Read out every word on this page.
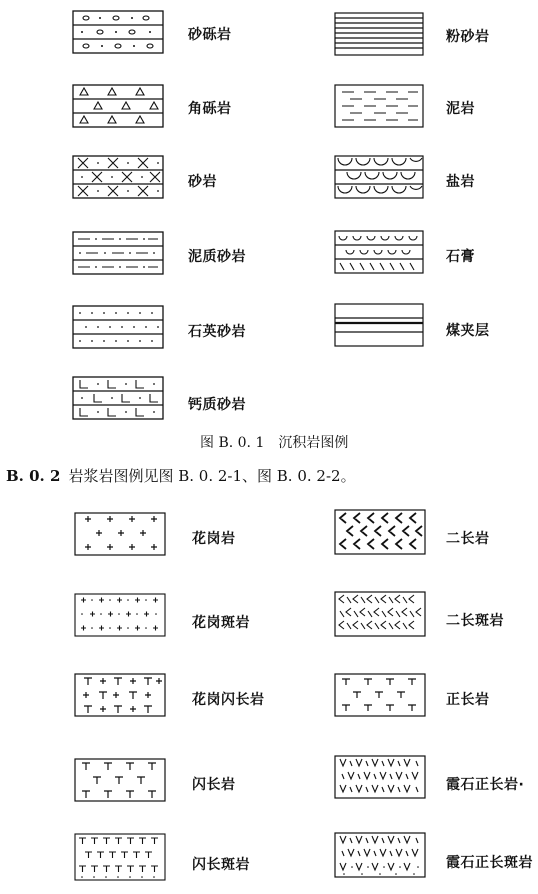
砂砾岩
角砾岩
砂岩
泥质砂岩
石英砂岩
钙质砂岩
粉砂岩
泥岩
盐岩
石膏
煤夹层
图 B. 0. 1　沉积岩图例
B. 0. 2 岩浆岩图例见图 B. 0. 2-1、图 B. 0. 2-2。
花岗岩
花岗斑岩
花岗闪长岩
闪长岩
闪长斑岩
二长岩
二长斑岩
正长岩
霞石正长岩·
霞石正长斑岩
